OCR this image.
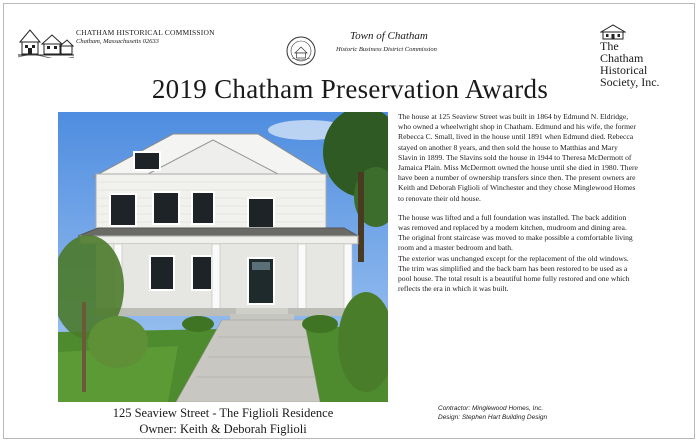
CHATHAM HISTORICAL COMMISSION
Chatham, Massachusetts 02633	Town of Chatham
Historic Business District Commission	The
Chatham
Historical
Society, Inc.
2019 Chatham Preservation Awards
125 Seaview Street - The Figlioli Residence
Owner: Keith & Deborah Figlioli

The house at 125 Seaview Street was built in 1864 by Edmund N. Eldridge, who owned a wheelwright shop in Chatham. Edmund and his wife, the former Rebecca C. Small, lived in the house until 1891 when Edmund died. Rebecca stayed on another 8 years, and then sold the house to Matthias and Mary Slavin in 1899. The Slavins sold the house in 1944 to Theresa McDermott of Jamaica Plain. Miss McDermott owned the house until she died in 1980. There have been a number of ownership transfers since then. The present owners are Keith and Deborah Figlioli of Winchester and they chose Minglewood Homes to renovate their old house.

The house was lifted and a full foundation was installed. The back addition was removed and replaced by a modern kitchen, mudroom and dining area. The original front staircase was moved to make possible a comfortable living room and a master bedroom and bath.

The exterior was unchanged except for the replacement of the old windows. The trim was simplified and the back barn has been restored to be used as a pool house. The total result is a beautiful home fully restored and one which reflects the era in which it was built.

Contractor: Minglewood Homes, Inc.
Design: Stephen Hart Building Design
